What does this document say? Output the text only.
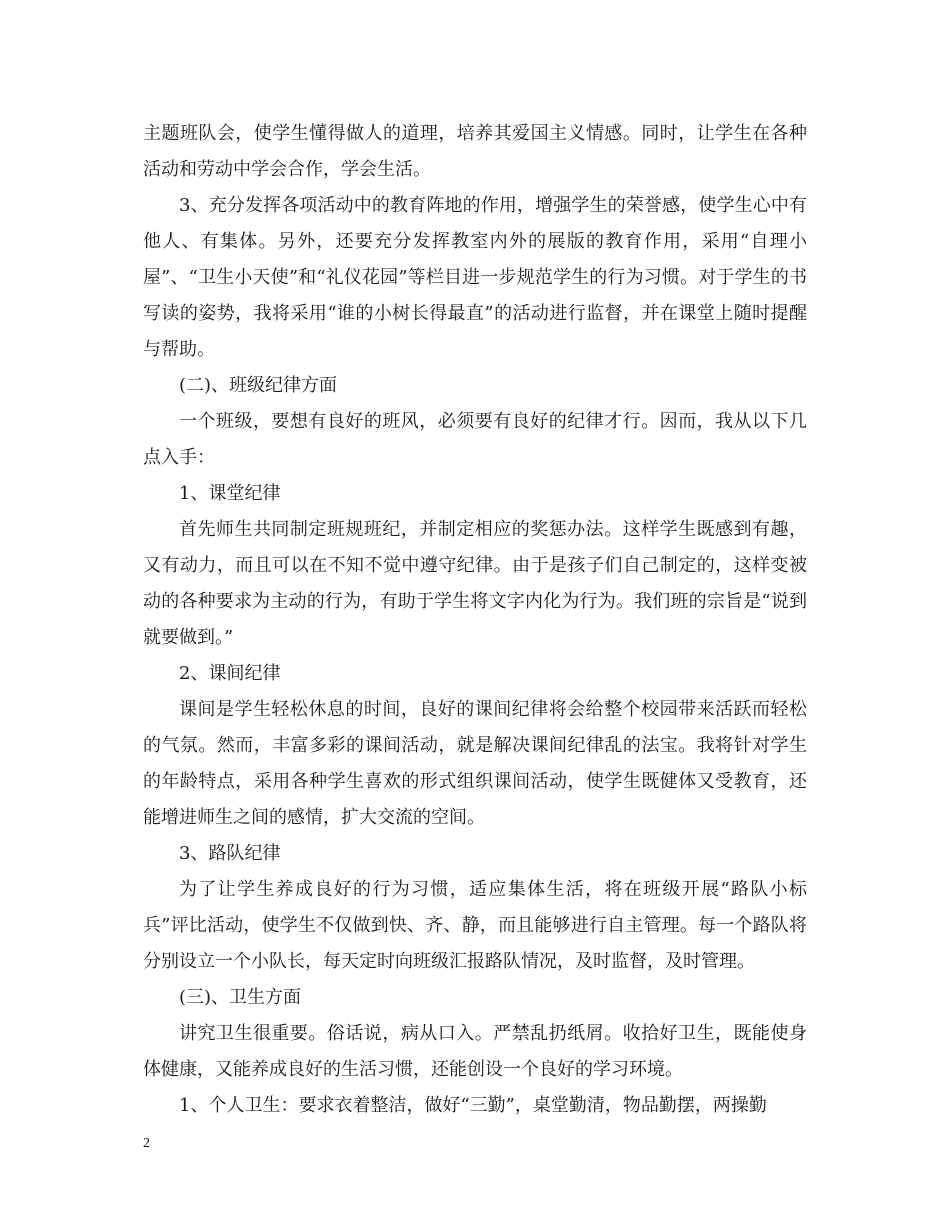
主题班队会，使学生懂得做人的道理，培养其爱国主义情感。同时，让学生在各种活动和劳动中学会合作，学会生活。

3、充分发挥各项活动中的教育阵地的作用，增强学生的荣誉感，使学生心中有他人、有集体。另外，还要充分发挥教室内外的展版的教育作用，采用“自理小屋”、“卫生小天使”和“礼仪花园”等栏目进一步规范学生的行为习惯。对于学生的书写读的姿势，我将采用“谁的小树长得最直”的活动进行监督，并在课堂上随时提醒与帮助。

(二)、班级纪律方面

一个班级，要想有良好的班风，必须要有良好的纪律才行。因而，我从以下几点入手：

1、课堂纪律

首先师生共同制定班规班纪，并制定相应的奖惩办法。这样学生既感到有趣，又有动力，而且可以在不知不觉中遵守纪律。由于是孩子们自己制定的，这样变被动的各种要求为主动的行为，有助于学生将文字内化为行为。我们班的宗旨是“说到就要做到。”

2、课间纪律

课间是学生轻松休息的时间，良好的课间纪律将会给整个校园带来活跃而轻松的气氛。然而，丰富多彩的课间活动，就是解决课间纪律乱的法宝。我将针对学生的年龄特点，采用各种学生喜欢的形式组织课间活动，使学生既健体又受教育，还能增进师生之间的感情，扩大交流的空间。

3、路队纪律

为了让学生养成良好的行为习惯，适应集体生活，将在班级开展“路队小标兵”评比活动，使学生不仅做到快、齐、静，而且能够进行自主管理。每一个路队将分别设立一个小队长，每天定时向班级汇报路队情况，及时监督，及时管理。

(三)、卫生方面

讲究卫生很重要。俗话说，病从口入。严禁乱扔纸屑。收拾好卫生，既能使身体健康，又能养成良好的生活习惯，还能创设一个良好的学习环境。

1、个人卫生：要求衣着整洁，做好“三勤”，桌堂勤清，物品勤摆，两操勤

2
